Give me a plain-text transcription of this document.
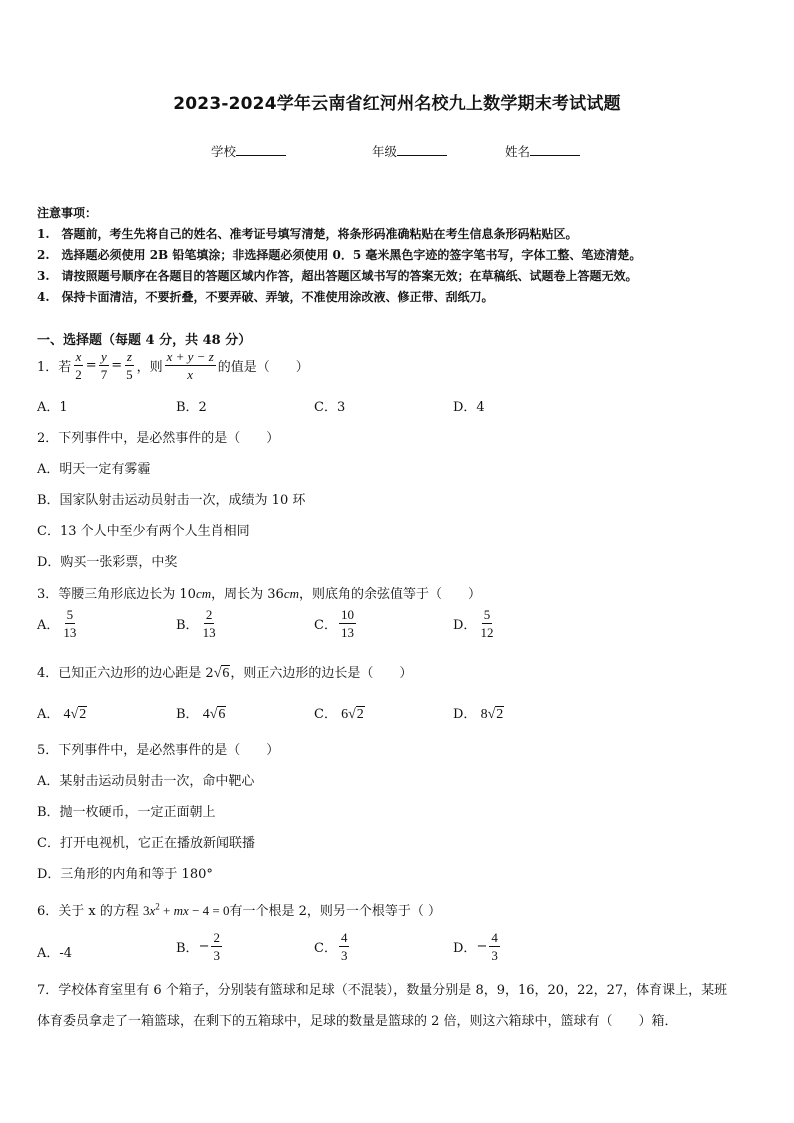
2023-2024学年云南省红河州名校九上数学期末考试试题
学校	年级	姓名
注意事项：
1.　答题前，考生先将自己的姓名、准考证号填写清楚，将条形码准确粘贴在考生信息条形码粘贴区。
2.　选择题必须使用 2B 铅笔填涂；非选择题必须使用 0．5 毫米黑色字迹的签字笔书写，字体工整、笔迹清楚。
3.　请按照题号顺序在各题目的答题区域内作答，超出答题区域书写的答案无效；在草稿纸、试题卷上答题无效。
4.　保持卡面清洁，不要折叠，不要弄破、弄皱，不准使用涂改液、修正带、刮纸刀。
一、选择题（每题 4 分，共 48 分）
1．若 $\frac{x}{2} = \frac{y}{7} = \frac{z}{5}$ ，则 $\frac{x + y - z}{x}$ 的值是（　　）
A．1	B．2	C．3	D．4
2．下列事件中，是必然事件的是（　　）
A．明天一定有雾霾
B．国家队射击运动员射击一次，成绩为 10 环
C．13 个人中至少有两个人生肖相同
D．购买一张彩票，中奖
3．等腰三角形底边长为 10cm，周长为 36cm，则底角的余弦值等于（　　）
A． $\frac{5}{13}$	B． $\frac{2}{13}$	C． $\frac{10}{13}$	D． $\frac{5}{12}$
4．已知正六边形的边心距是 2√6，则正六边形的边长是（　　）
A． 4√2	B． 4√6	C． 6√2	D． 8√2
5．下列事件中，是必然事件的是（　　）
A．某射击运动员射击一次，命中靶心
B．抛一枚硬币，一定正面朝上
C．打开电视机，它正在播放新闻联播
D．三角形的内角和等于 180°
6．关于 x 的方程 $3x^2$ + mx − 4 = 0有一个根是 2，则另一个根等于（ ）
A．-4	B． − $\frac{2}{3}$	C． $\frac{4}{3}$	D． − $\frac{4}{3}$
7．学校体育室里有 6 个箱子，分别装有篮球和足球（不混装），数量分别是 8，9，16，20，22，27，体育课上，某班
体育委员拿走了一箱篮球，在剩下的五箱球中，足球的数量是篮球的 2 倍，则这六箱球中，篮球有（　　）箱．
